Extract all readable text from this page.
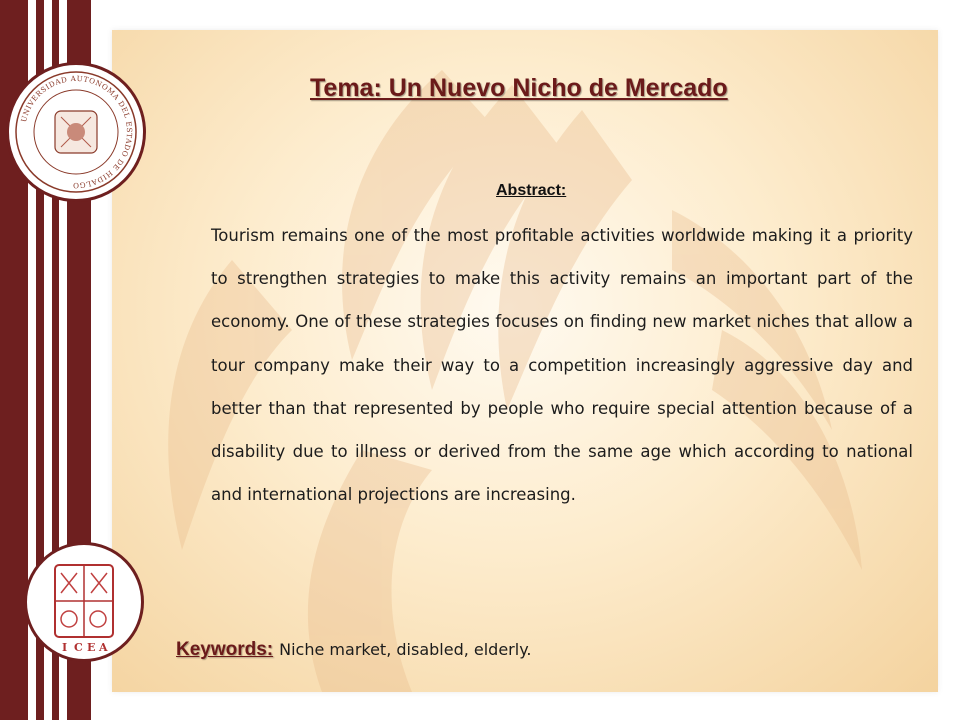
UNIVERSIDAD AUTONOMA DEL ESTADO DE HIDALGO
I C E A
Tema: Un Nuevo Nicho de Mercado
Abstract:

Tourism remains one of the most profitable activities worldwide making it a priority to strengthen strategies to make this activity remains an important part of the economy. One of these strategies focuses on finding new market niches that allow a tour company make their way to a competition increasingly aggressive day and better than that represented by people who require special attention because of a disability due to illness or derived from the same age which according to national and international projections are increasing.

Keywords: Niche market, disabled, elderly.
